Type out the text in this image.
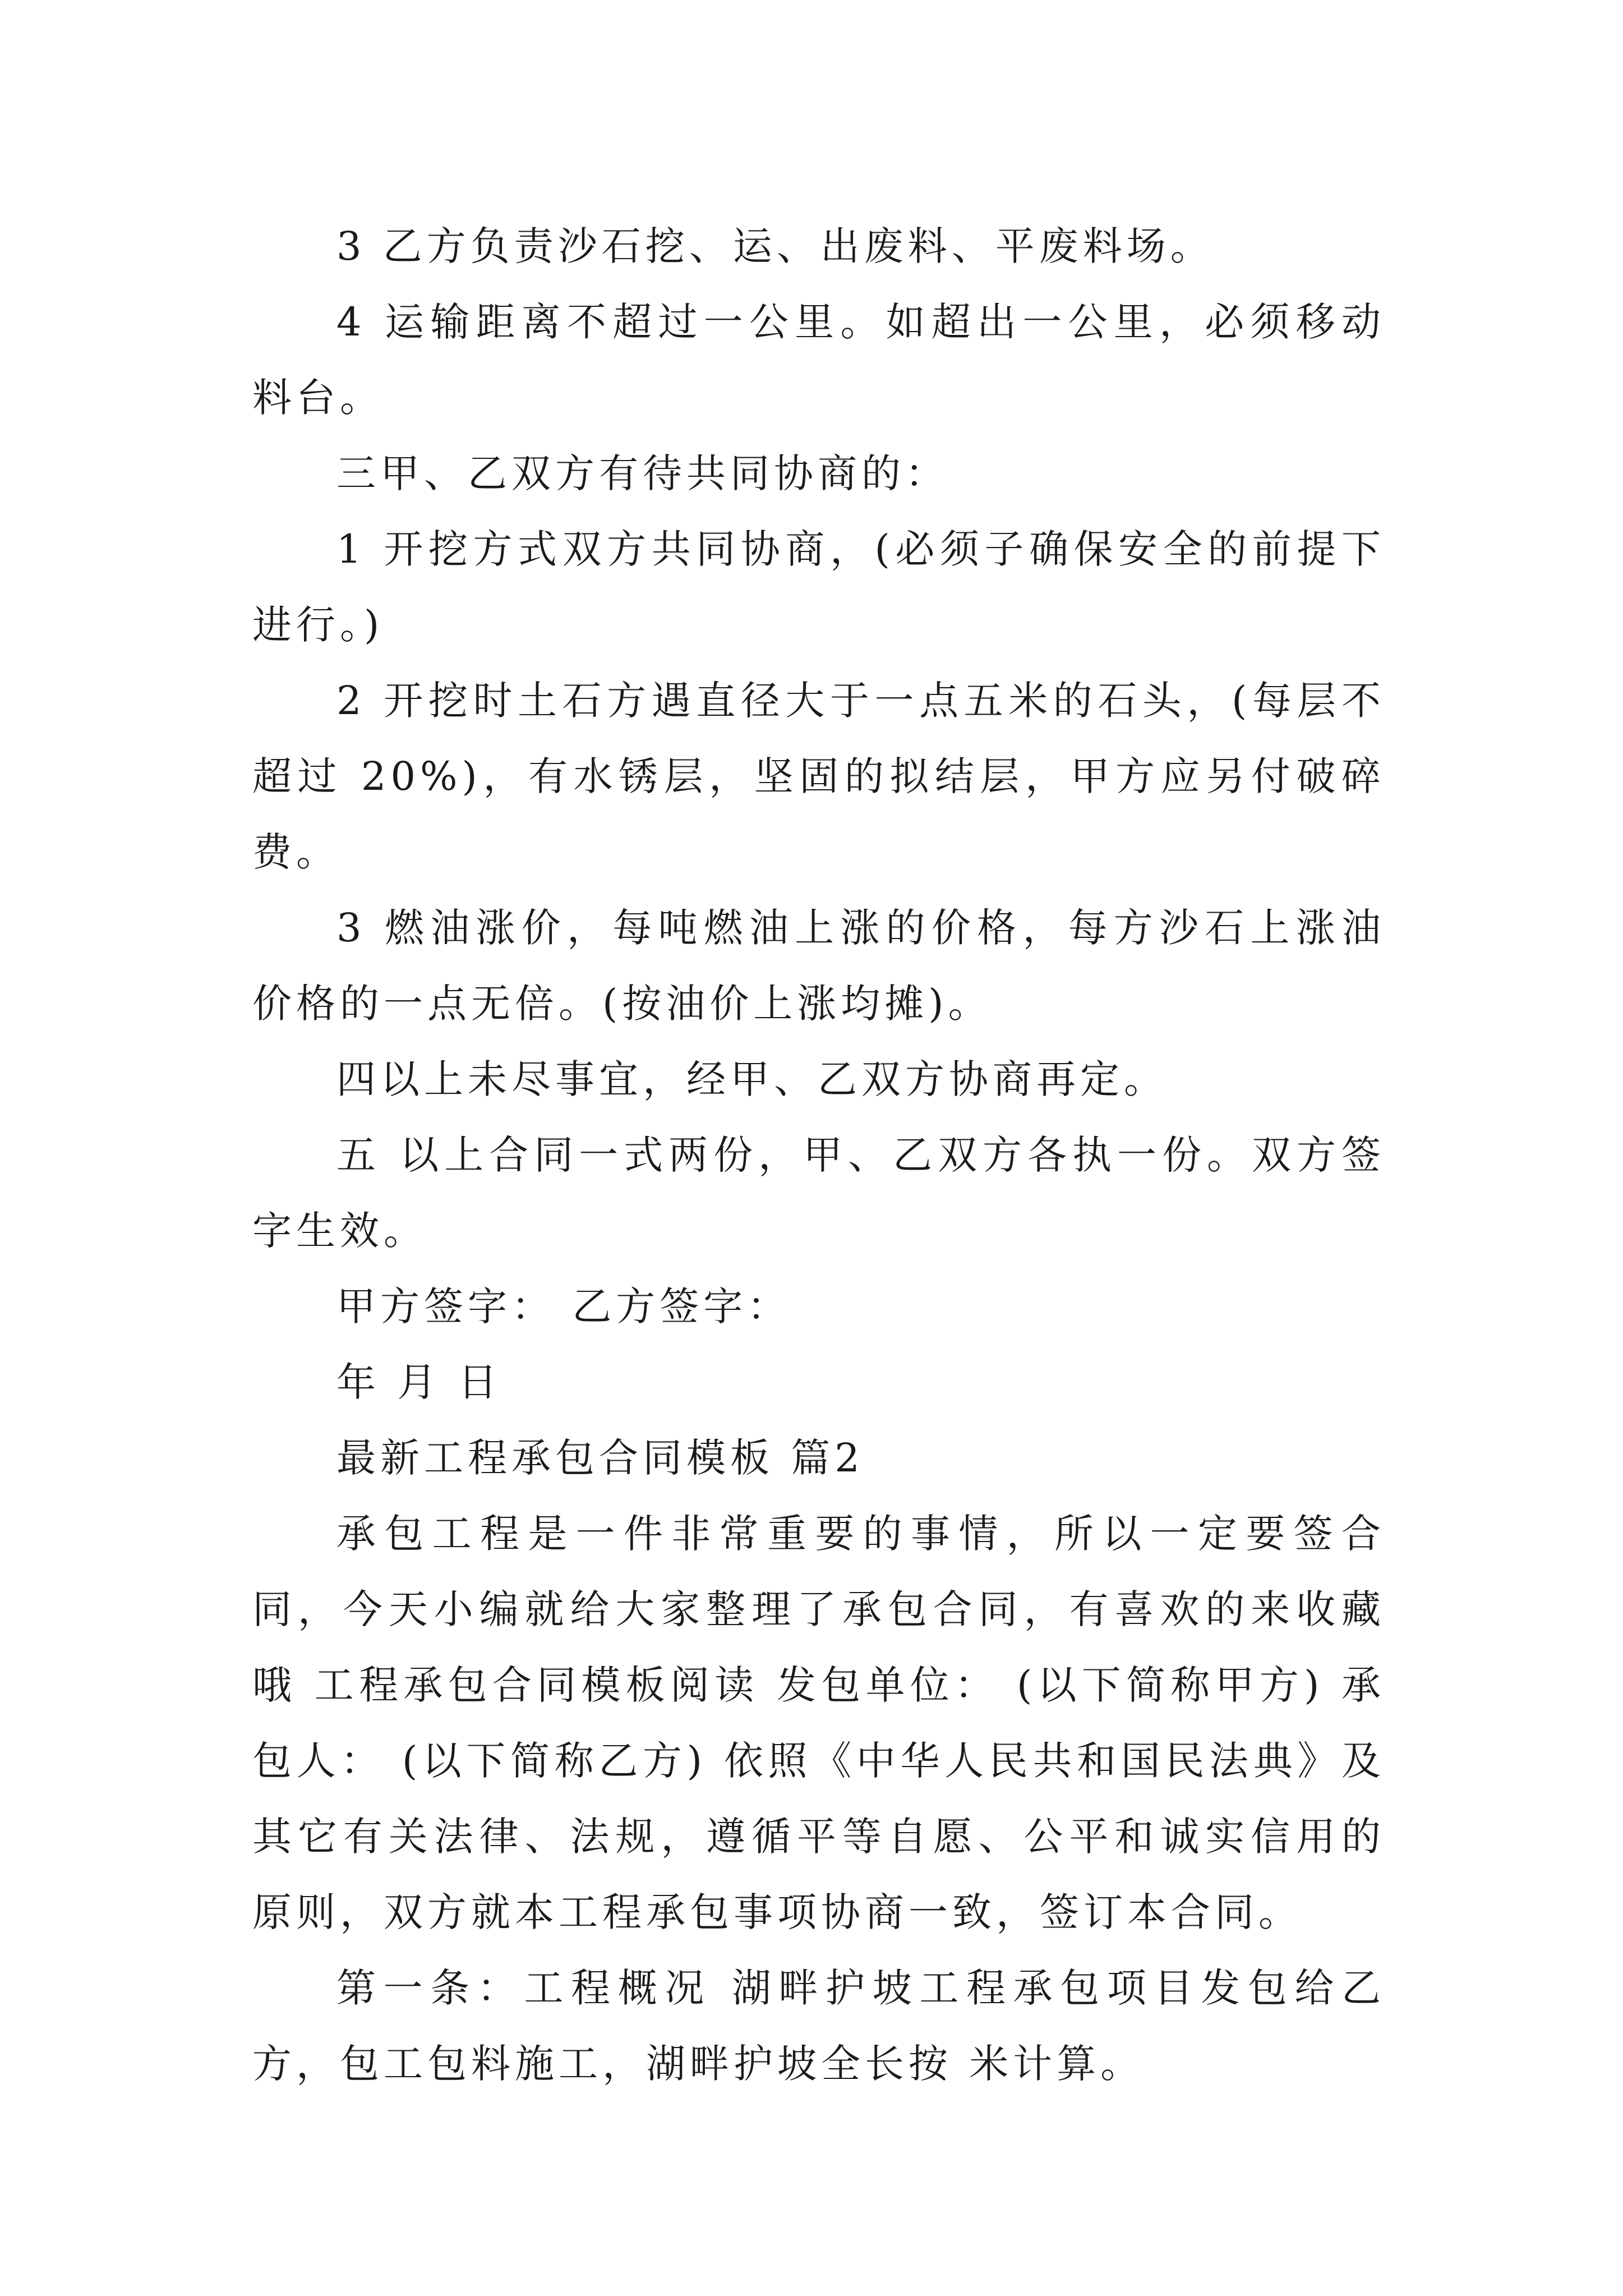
3 乙方负责沙石挖、运、出废料、平废料场。

4 运输距离不超过一公里。如超出一公里，必须移动料台。

三甲、乙双方有待共同协商的：

1 开挖方式双方共同协商，(必须子确保安全的前提下进行。)

2 开挖时土石方遇直径大于一点五米的石头，(每层不超过 20%)，有水锈层，坚固的拟结层，甲方应另付破碎费。

3 燃油涨价，每吨燃油上涨的价格，每方沙石上涨油价格的一点无倍。(按油价上涨均摊)。

四以上未尽事宜，经甲、乙双方协商再定。

五 以上合同一式两份，甲、乙双方各执一份。双方签字生效。

甲方签字： 乙方签字：

年 月 日

最新工程承包合同模板 篇2

承包工程是一件非常重要的事情，所以一定要签合同，今天小编就给大家整理了承包合同，有喜欢的来收藏哦 工程承包合同模板阅读 发包单位： (以下简称甲方) 承包人： (以下简称乙方) 依照《中华人民共和国民法典》及其它有关法律、法规，遵循平等自愿、公平和诚实信用的原则，双方就本工程承包事项协商一致，签订本合同。

第一条：工程概况 湖畔护坡工程承包项目发包给乙方，包工包料施工，湖畔护坡全长按 米计算。
